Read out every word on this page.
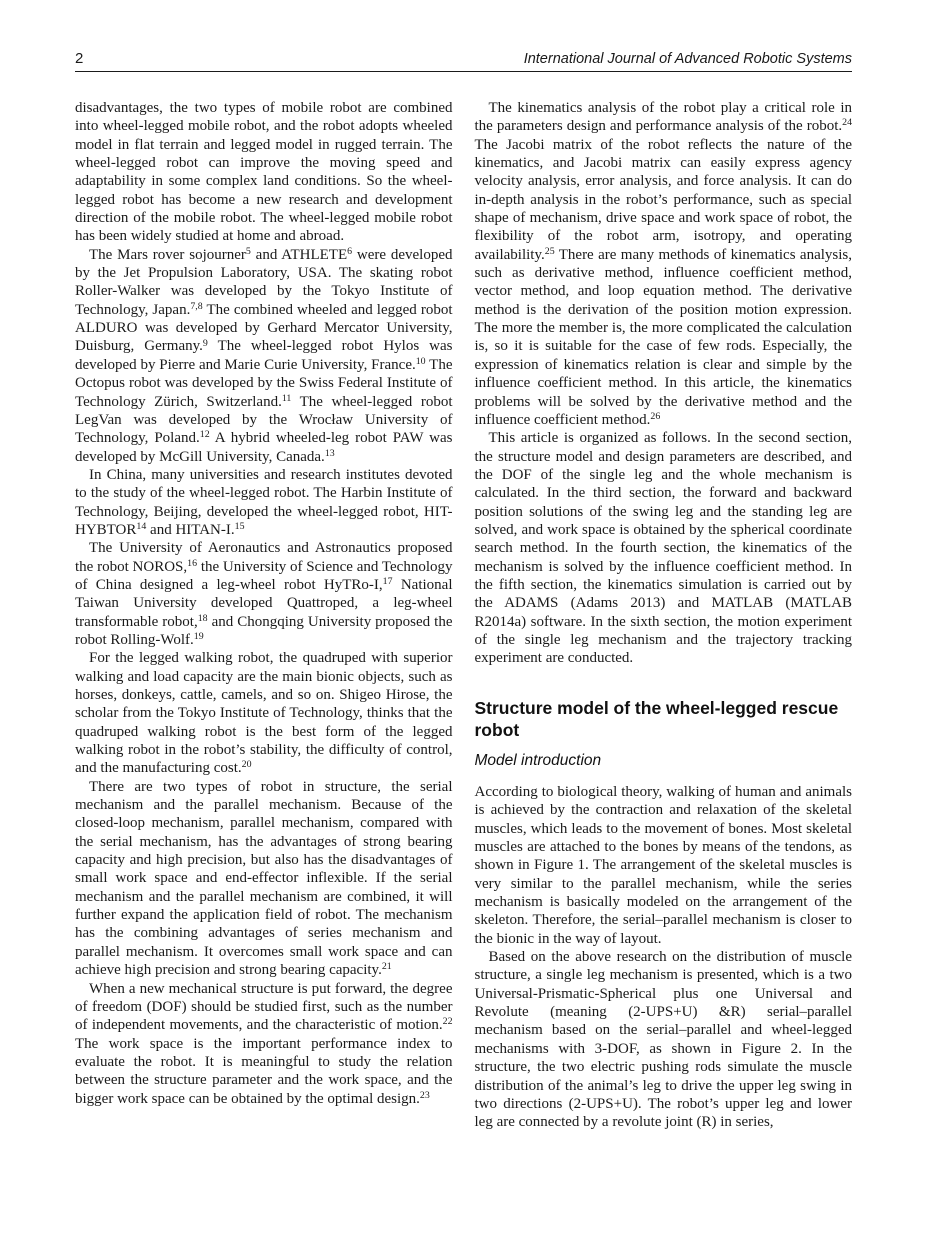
2	International Journal of Advanced Robotic Systems

disadvantages, the two types of mobile robot are combined into wheel-legged mobile robot, and the robot adopts wheeled model in flat terrain and legged model in rugged terrain. The wheel-legged robot can improve the moving speed and adaptability in some complex land conditions. So the wheel-legged robot has become a new research and development direction of the mobile robot. The wheel-legged mobile robot has been widely studied at home and abroad.

The Mars rover sojourner$^5$ and ATHLETE$^6$ were developed by the Jet Propulsion Laboratory, USA. The skating robot Roller-Walker was developed by the Tokyo Institute of Technology, Japan.$^{7,8}$ The combined wheeled and legged robot ALDURO was developed by Gerhard Mercator University, Duisburg, Germany.$^9$ The wheel-legged robot Hylos was developed by Pierre and Marie Curie University, France.$^{10}$ The Octopus robot was developed by the Swiss Federal Institute of Technology Zürich, Switzerland.$^{11}$ The wheel-legged robot LegVan was developed by the Wrocław University of Technology, Poland.$^{12}$ A hybrid wheeled-leg robot PAW was developed by McGill University, Canada.$^{13}$

In China, many universities and research institutes devoted to the study of the wheel-legged robot. The Harbin Institute of Technology, Beijing, developed the wheel-legged robot, HIT-HYBTOR$^{14}$ and HITAN-I.$^{15}$

The University of Aeronautics and Astronautics proposed the robot NOROS,$^{16}$ the University of Science and Technology of China designed a leg-wheel robot HyTRo-I,$^{17}$ National Taiwan University developed Quattroped, a leg-wheel transformable robot,$^{18}$ and Chongqing University proposed the robot Rolling-Wolf.$^{19}$

For the legged walking robot, the quadruped with superior walking and load capacity are the main bionic objects, such as horses, donkeys, cattle, camels, and so on. Shigeo Hirose, the scholar from the Tokyo Institute of Technology, thinks that the quadruped walking robot is the best form of the legged walking robot in the robot’s stability, the difficulty of control, and the manufacturing cost.$^{20}$

There are two types of robot in structure, the serial mechanism and the parallel mechanism. Because of the closed-loop mechanism, parallel mechanism, compared with the serial mechanism, has the advantages of strong bearing capacity and high precision, but also has the disadvantages of small work space and end-effector inflexible. If the serial mechanism and the parallel mechanism are combined, it will further expand the application field of robot. The mechanism has the combining advantages of series mechanism and parallel mechanism. It overcomes small work space and can achieve high precision and strong bearing capacity.$^{21}$

When a new mechanical structure is put forward, the degree of freedom (DOF) should be studied first, such as the number of independent movements, and the characteristic of motion.$^{22}$ The work space is the important performance index to evaluate the robot. It is meaningful to study the relation between the structure parameter and the work space, and the bigger work space can be obtained by the optimal design.$^{23}$

The kinematics analysis of the robot play a critical role in the parameters design and performance analysis of the robot.$^{24}$ The Jacobi matrix of the robot reflects the nature of the kinematics, and Jacobi matrix can easily express agency velocity analysis, error analysis, and force analysis. It can do in-depth analysis in the robot’s performance, such as special shape of mechanism, drive space and work space of robot, the flexibility of the robot arm, isotropy, and operating availability.$^{25}$ There are many methods of kinematics analysis, such as derivative method, influence coefficient method, vector method, and loop equation method. The derivative method is the derivation of the position motion expression. The more the member is, the more complicated the calculation is, so it is suitable for the case of few rods. Especially, the expression of kinematics relation is clear and simple by the influence coefficient method. In this article, the kinematics problems will be solved by the derivative method and the influence coefficient method.$^{26}$

This article is organized as follows. In the second section, the structure model and design parameters are described, and the DOF of the single leg and the whole mechanism is calculated. In the third section, the forward and backward position solutions of the swing leg and the standing leg are solved, and work space is obtained by the spherical coordinate search method. In the fourth section, the kinematics of the mechanism is solved by the influence coefficient method. In the fifth section, the kinematics simulation is carried out by the ADAMS (Adams 2013) and MATLAB (MATLAB R2014a) software. In the sixth section, the motion experiment of the single leg mechanism and the trajectory tracking experiment are conducted.

Structure model of the wheel-legged rescue robot
Model introduction

According to biological theory, walking of human and animals is achieved by the contraction and relaxation of the skeletal muscles, which leads to the movement of bones. Most skeletal muscles are attached to the bones by means of the tendons, as shown in Figure 1. The arrangement of the skeletal muscles is very similar to the parallel mechanism, while the series mechanism is basically modeled on the arrangement of the skeleton. Therefore, the serial–parallel mechanism is closer to the bionic in the way of layout.

Based on the above research on the distribution of muscle structure, a single leg mechanism is presented, which is a two Universal-Prismatic-Spherical plus one Universal and Revolute (meaning (2-UPS+U) &R) serial–parallel mechanism based on the serial–parallel and wheel-legged mechanisms with 3-DOF, as shown in Figure 2. In the structure, the two electric pushing rods simulate the muscle distribution of the animal’s leg to drive the upper leg swing in two directions (2-UPS+U). The robot’s upper leg and lower leg are connected by a revolute joint (R) in series,
